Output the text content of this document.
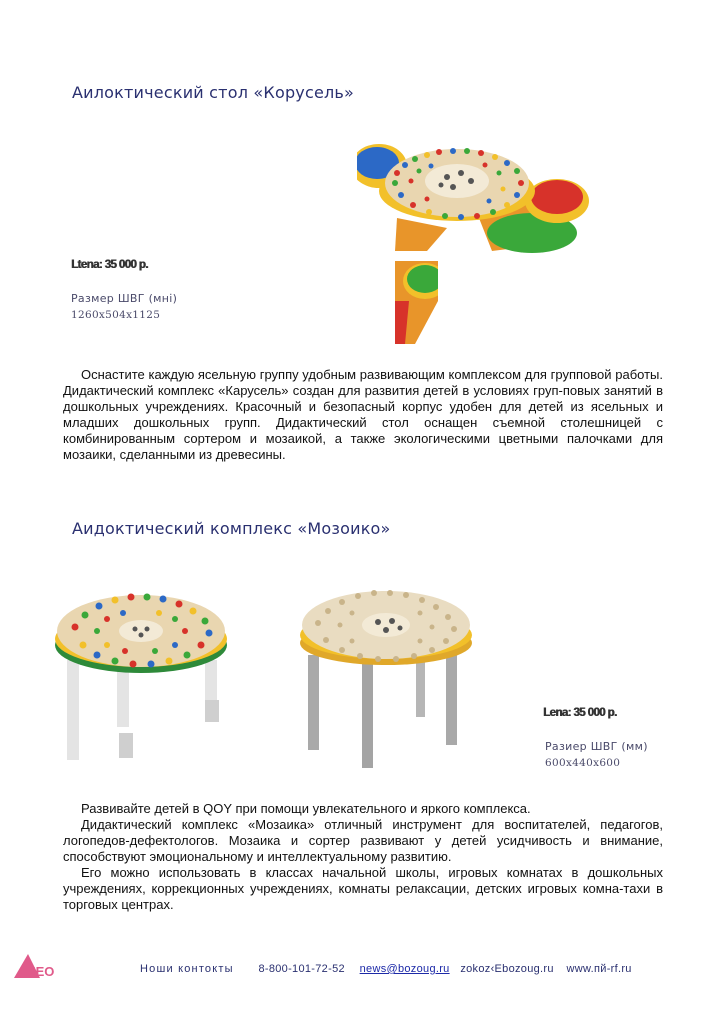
Аилоктический стол «Корусель»
Ltena: 35 000 p.
Размер ШВГ (мні)
1260x504x1125

Оснастите каждую ясельную группу удобным развивающим комплексом для групповой работы. Дидактический комплекс «Карусель» создан для развития детей в условиях груп-повых занятий в дошкольных учреждениях. Красочный и безопасный корпус удобен для детей из ясельных и младших дошкольных групп. Дидактический стол оснащен съемной столешницей с комбинированным сортером и мозаикой, а также экологическими цветными палочками для мозаики, сделанными из древесины.

Аидоктический комплекс «Мозоико»
Lena: 35 000 p.
Разиер ШВГ (мм)
600x440x600

Развивайте детей в QOY при помощи увлекательного и яркого комплекса.

Дидактический комплекс «Мозаика» отличный инструмент для воспитателей, педагогов, логопедов-дефектологов. Мозаика и сортер развивают у детей усидчивость и внимание, способствуют эмоциональному и интеллектуальному развитию.

Его можно использовать в классах начальной школы, игровых комнатах в дошкольных учреждениях, коррекционных учреждениях, комнаты релаксации, детских игровых комна-тахи в торговых центрах.

IEO	Ноши контокты 8-800-101-72-52 news@bozoug.ru zokoz‹Ebozoug.ru www.пй-rf.ru
